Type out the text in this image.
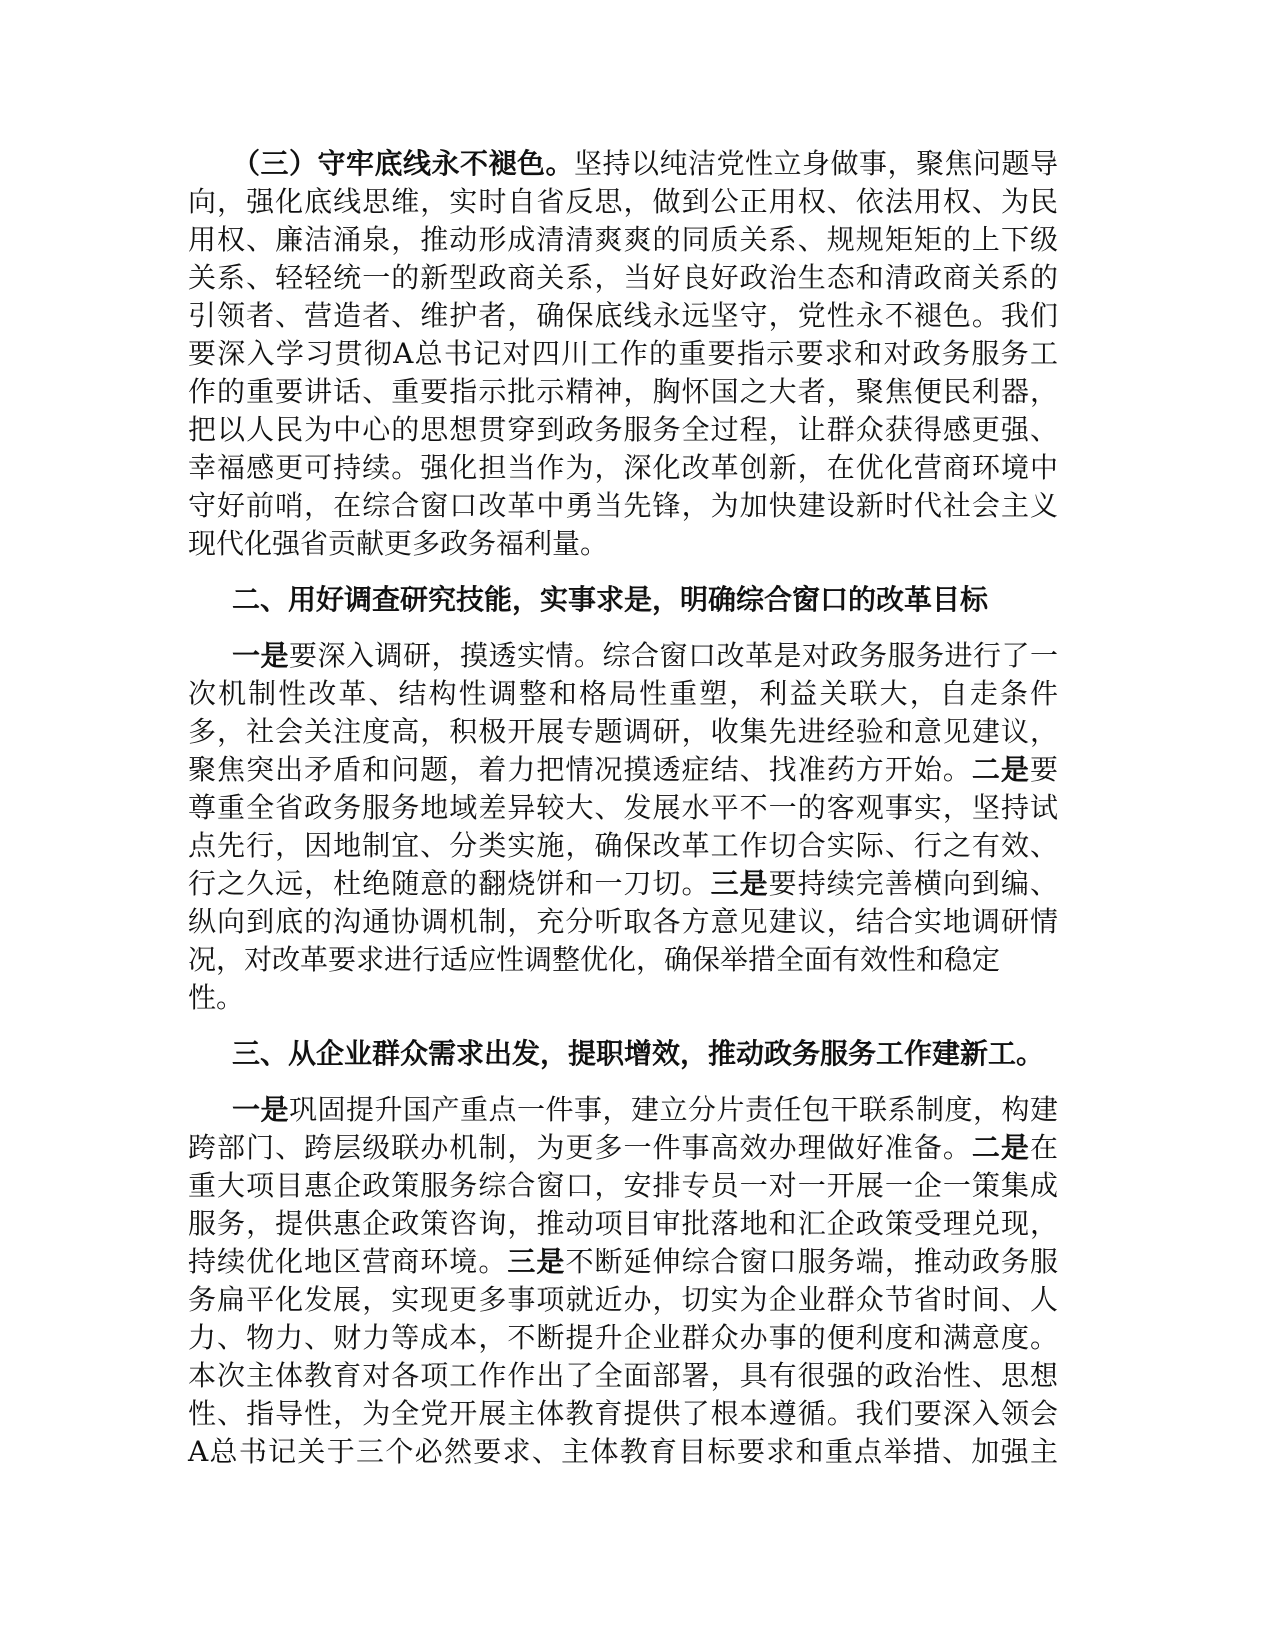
（三）守牢底线永不褪色。坚持以纯洁党性立身做事，聚焦问题导
向，强化底线思维，实时自省反思，做到公正用权、依法用权、为民
用权、廉洁涌泉，推动形成清清爽爽的同质关系、规规矩矩的上下级
关系、轻轻统一的新型政商关系，当好良好政治生态和清政商关系的
引领者、营造者、维护者，确保底线永远坚守，党性永不褪色。我们
要深入学习贯彻A总书记对四川工作的重要指示要求和对政务服务工
作的重要讲话、重要指示批示精神，胸怀国之大者，聚焦便民利器，
把以人民为中心的思想贯穿到政务服务全过程，让群众获得感更强、
幸福感更可持续。强化担当作为，深化改革创新，在优化营商环境中
守好前哨，在综合窗口改革中勇当先锋，为加快建设新时代社会主义
现代化强省贡献更多政务福利量。
二、用好调查研究技能，实事求是，明确综合窗口的改革目标
一是要深入调研，摸透实情。综合窗口改革是对政务服务进行了一
次机制性改革、结构性调整和格局性重塑，利益关联大，自走条件
多，社会关注度高，积极开展专题调研，收集先进经验和意见建议，
聚焦突出矛盾和问题，着力把情况摸透症结、找准药方开始。二是要
尊重全省政务服务地域差异较大、发展水平不一的客观事实，坚持试
点先行，因地制宜、分类实施，确保改革工作切合实际、行之有效、
行之久远，杜绝随意的翻烧饼和一刀切。三是要持续完善横向到编、
纵向到底的沟通协调机制，充分听取各方意见建议，结合实地调研情
况，对改革要求进行适应性调整优化，确保举措全面有效性和稳定
性。
三、从企业群众需求出发，提职增效，推动政务服务工作建新工。
一是巩固提升国产重点一件事，建立分片责任包干联系制度，构建
跨部门、跨层级联办机制，为更多一件事高效办理做好准备。二是在
重大项目惠企政策服务综合窗口，安排专员一对一开展一企一策集成
服务，提供惠企政策咨询，推动项目审批落地和汇企政策受理兑现，
持续优化地区营商环境。三是不断延伸综合窗口服务端，推动政务服
务扁平化发展，实现更多事项就近办，切实为企业群众节省时间、人
力、物力、财力等成本，不断提升企业群众办事的便利度和满意度。
本次主体教育对各项工作作出了全面部署，具有很强的政治性、思想
性、指导性，为全党开展主体教育提供了根本遵循。我们要深入领会
A总书记关于三个必然要求、主体教育目标要求和重点举措、加强主
